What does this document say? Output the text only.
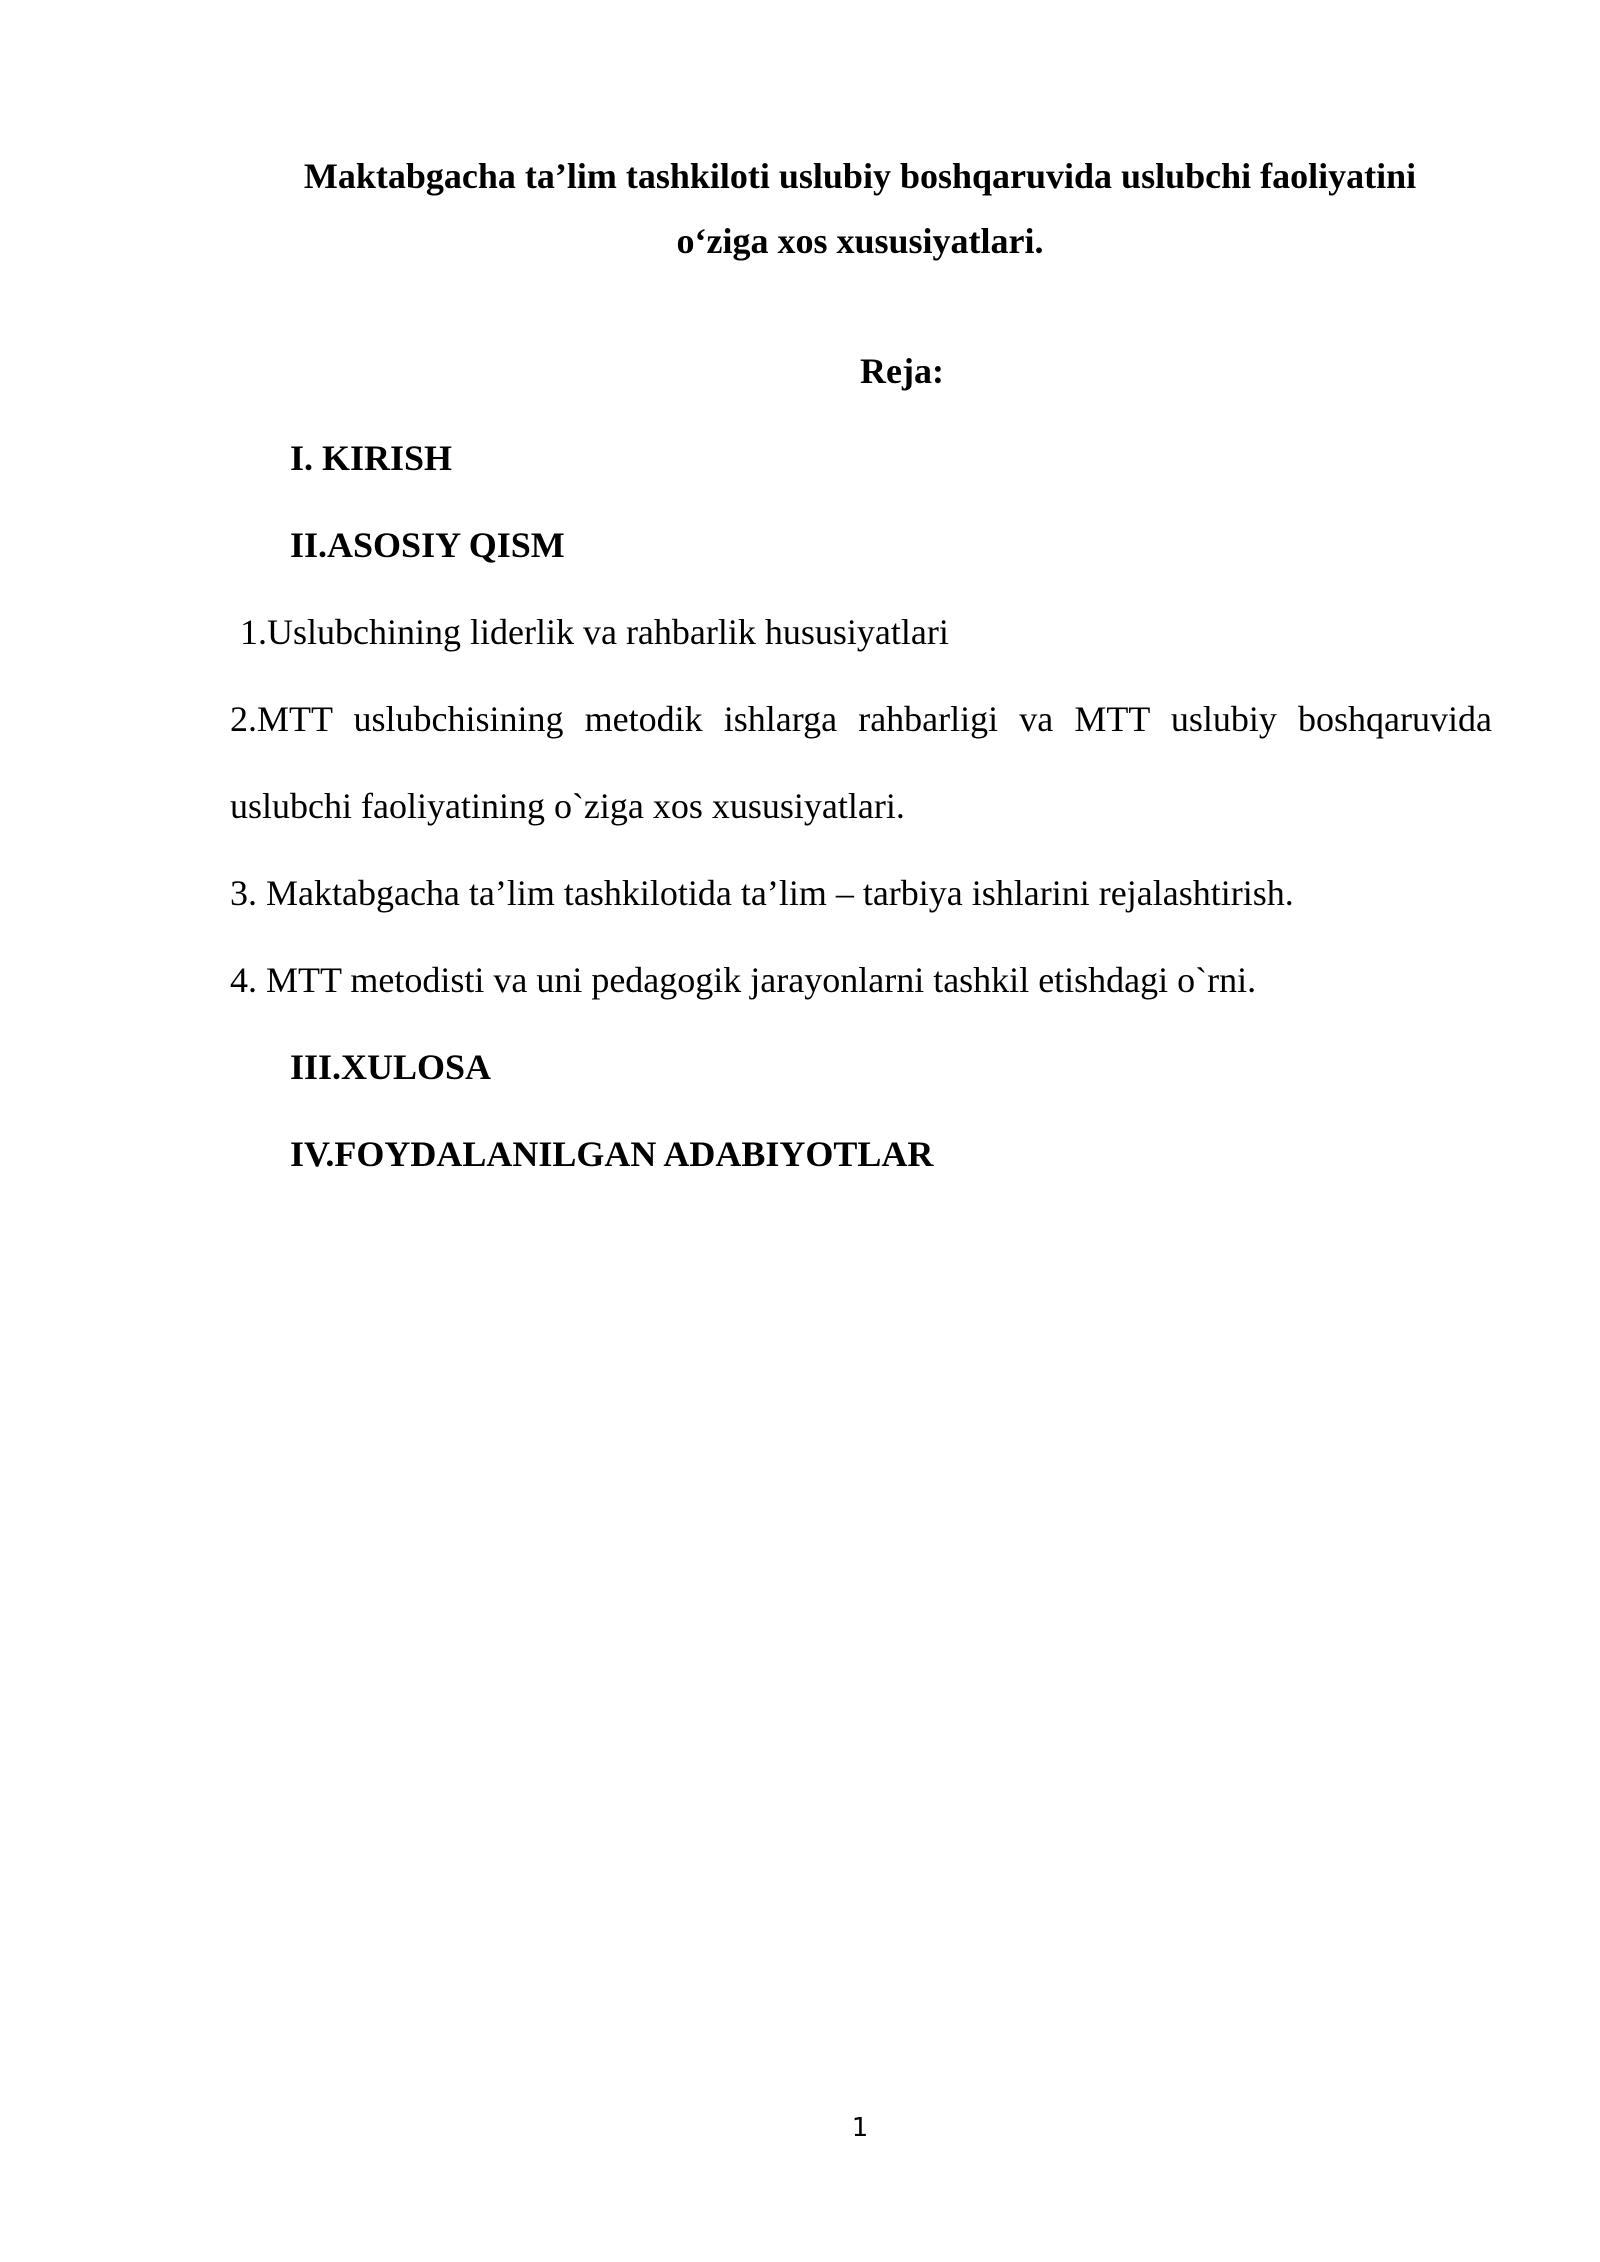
Maktabgacha ta’lim tashkiloti uslubiy boshqaruvida uslubchi faoliyatini
o‘ziga xos xususiyatlari.
Reja:
I. KIRISH
II.ASOSIY QISM
1.Uslubchining liderlik va rahbarlik hususiyatlari
2.MTT uslubchisining metodik ishlarga rahbarligi va MTT uslubiy boshqaruvida
uslubchi faoliyatining o`ziga xos xususiyatlari.
3. Maktabgacha ta’lim tashkilotida ta’lim – tarbiya ishlarini rejalashtirish.
4. MTT metodisti va uni pedagogik jarayonlarni tashkil etishdagi o`rni.
III.XULOSA
IV.FOYDALANILGAN ADABIYOTLAR
1
